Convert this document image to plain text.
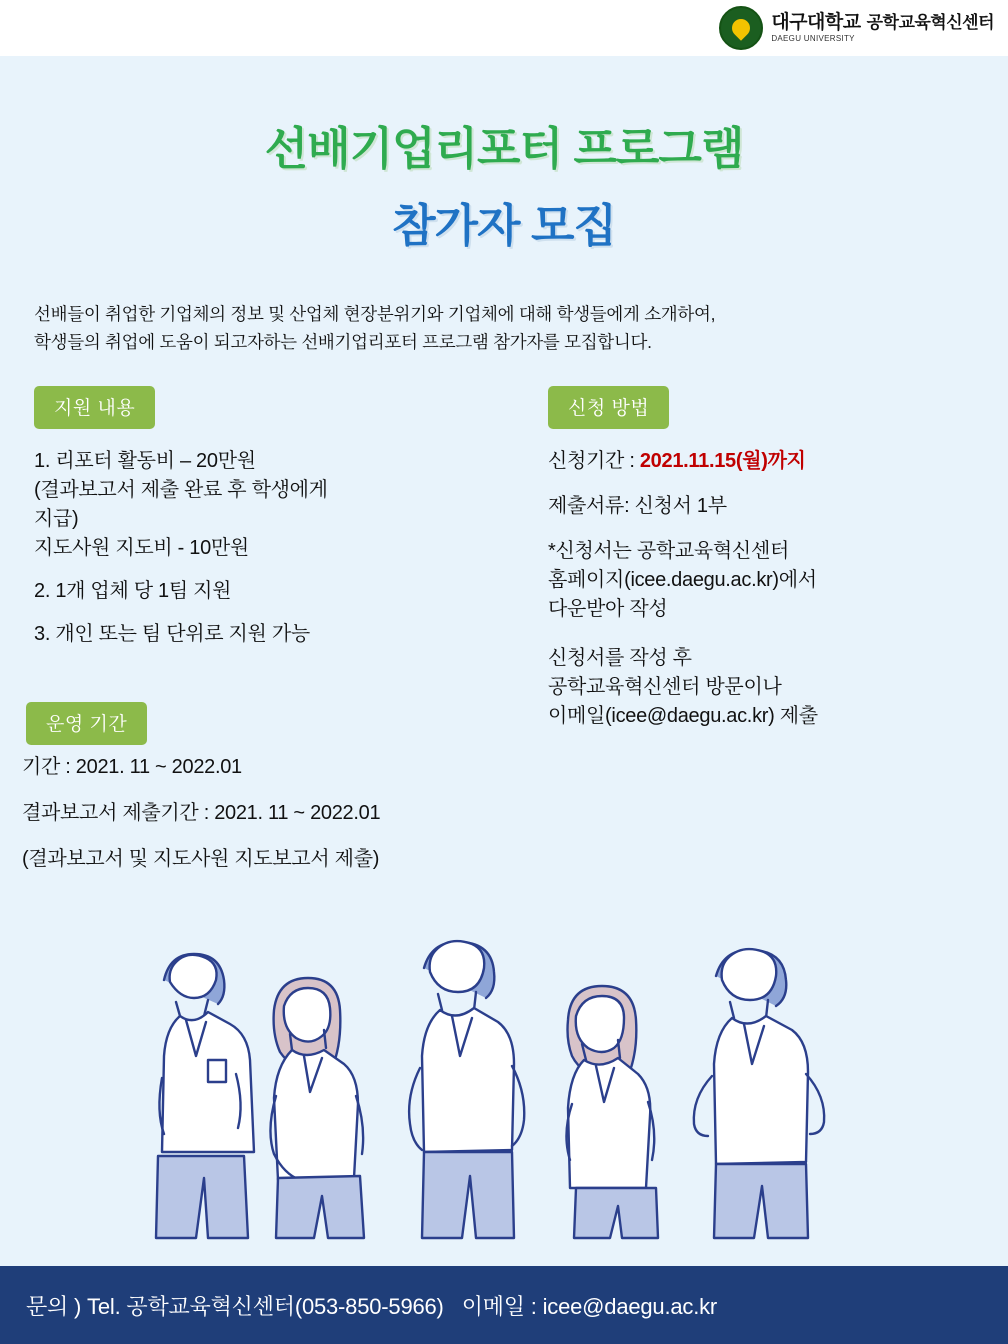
대구대학교 공학교육혁신센터
DAEGU UNIVERSITY
선배기업리포터 프로그램
참가자 모집
선배들이 취업한 기업체의 정보 및 산업체 현장분위기와 기업체에 대해 학생들에게 소개하여,
학생들의 취업에 도움이 되고자하는 선배기업리포터 프로그램 참가자를 모집합니다.
지원 내용
1. 리포터 활동비 – 20만원
(결과보고서 제출 완료 후 학생에게
지급)
지도사원 지도비 - 10만원
2. 1개 업체 당 1팀 지원
3. 개인 또는 팀 단위로 지원 가능
운영 기간
기간 : 2021. 11 ~ 2022.01
결과보고서 제출기간 : 2021. 11 ~ 2022.01
(결과보고서 및 지도사원 지도보고서 제출)
신청 방법
신청기간 : 2021.11.15(월)까지
제출서류: 신청서 1부
*신청서는 공학교육혁신센터
홈페이지(icee.daegu.ac.kr)에서
다운받아 작성
신청서를 작성 후
공학교육혁신센터 방문이나
이메일(icee@daegu.ac.kr) 제출
문의 ) Tel. 공학교육혁신센터(053-850-5966) 이메일 : icee@daegu.ac.kr
